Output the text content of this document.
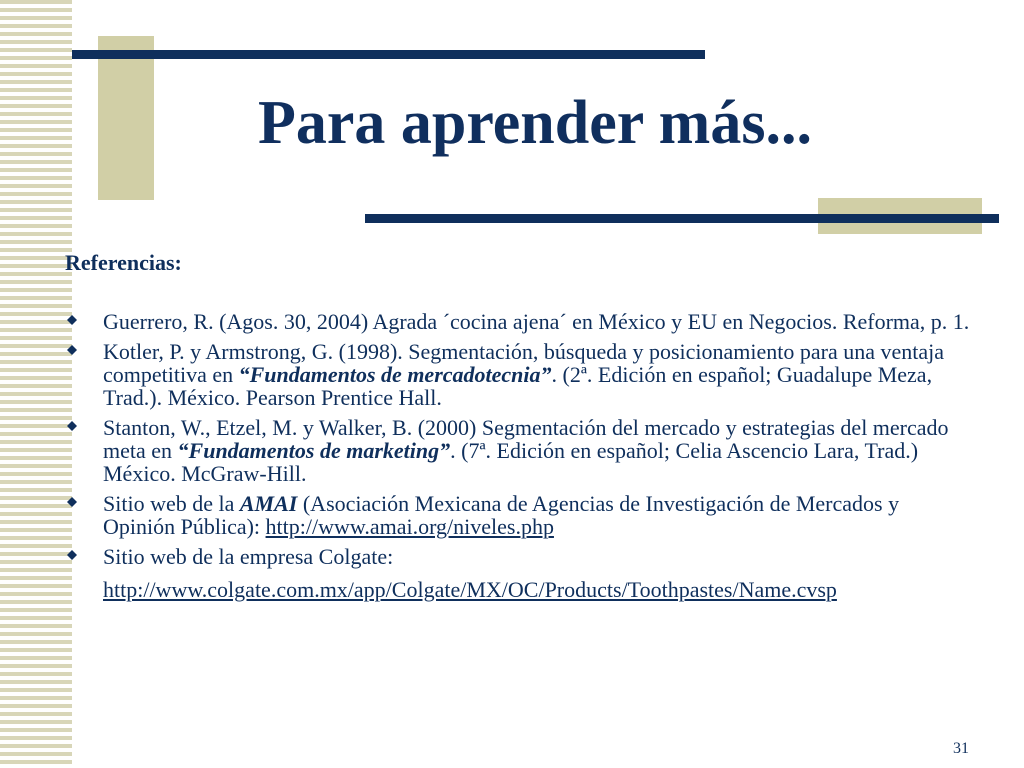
Para aprender más...
Referencias:
Guerrero, R. (Agos. 30, 2004) Agrada ´cocina ajena´ en México y EU en Negocios. Reforma, p. 1.
Kotler, P. y Armstrong, G. (1998). Segmentación, búsqueda y posicionamiento para una ventaja competitiva en “Fundamentos de mercadotecnia”. (2ª. Edición en español; Guadalupe Meza, Trad.). México. Pearson Prentice Hall.
Stanton, W., Etzel, M. y Walker, B. (2000) Segmentación del mercado y estrategias del mercado meta en “Fundamentos de marketing”. (7ª. Edición en español; Celia Ascencio Lara, Trad.) México. McGraw-Hill.
Sitio web de la AMAI (Asociación Mexicana de Agencias de Investigación de Mercados y Opinión Pública): http://www.amai.org/niveles.php
Sitio web de la empresa Colgate:
http://www.colgate.com.mx/app/Colgate/MX/OC/Products/Toothpastes/Name.cvsp
31
